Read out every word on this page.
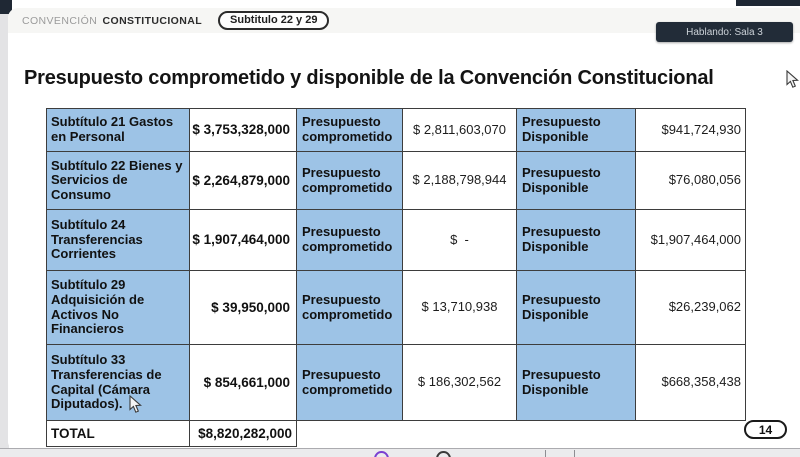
CONVENCIÓN CONSTITUCIONAL	Subtitulo 22 y 29
Presupuesto comprometido y disponible de la Convención Constitucional
Subtítulo 21 Gastos en Personal	$ 3,753,328,000	Presupuesto comprometido	$ 2,811,603,070	Presupuesto Disponible	$941,724,930
Subtítulo 22 Bienes y Servicios de Consumo	$ 2,264,879,000	Presupuesto comprometido	$ 2,188,798,944	Presupuesto Disponible	$76,080,056
Subtítulo 24 Transferencias Corrientes	$ 1,907,464,000	Presupuesto comprometido	$  -	Presupuesto Disponible	$1,907,464,000
Subtítulo 29 Adquisición de Activos No Financieros	$ 39,950,000	Presupuesto comprometido	$ 13,710,938	Presupuesto Disponible	$26,239,062
Subtítulo 33 Transferencias de Capital (Cámara Diputados).	$ 854,661,000	Presupuesto comprometido	$ 186,302,562	Presupuesto Disponible	$668,358,438
TOTAL	$8,820,282,000	14
Hablando: Sala 3
